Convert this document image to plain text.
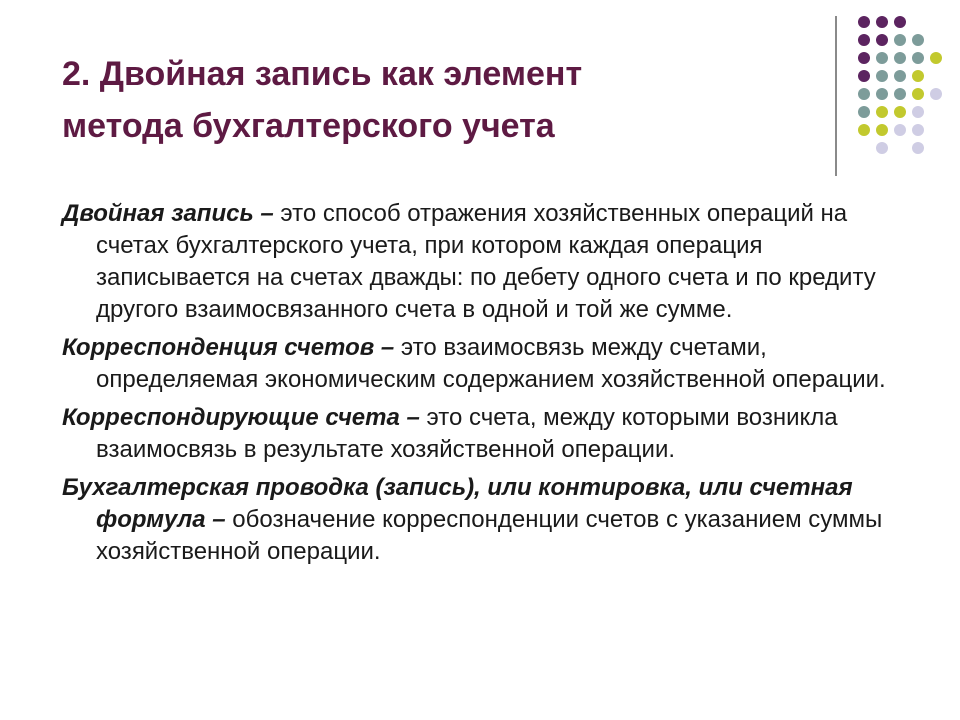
2. Двойная запись как элемент
метода бухгалтерского учета
Двойная запись – это способ отражения хозяйственных операций на счетах бухгалтерского учета, при котором каждая операция записывается на счетах дважды: по дебету одного счета и по кредиту другого взаимосвязанного счета в одной и той же сумме.
Корреспонденция счетов – это взаимосвязь между счетами, определяемая экономическим содержанием хозяйственной операции.
Корреспондирующие счета – это счета, между которыми возникла взаимосвязь в результате хозяйственной операции.
Бухгалтерская проводка (запись), или контировка, или счетная формула – обозначение корреспонденции счетов с указанием суммы хозяйственной операции.
